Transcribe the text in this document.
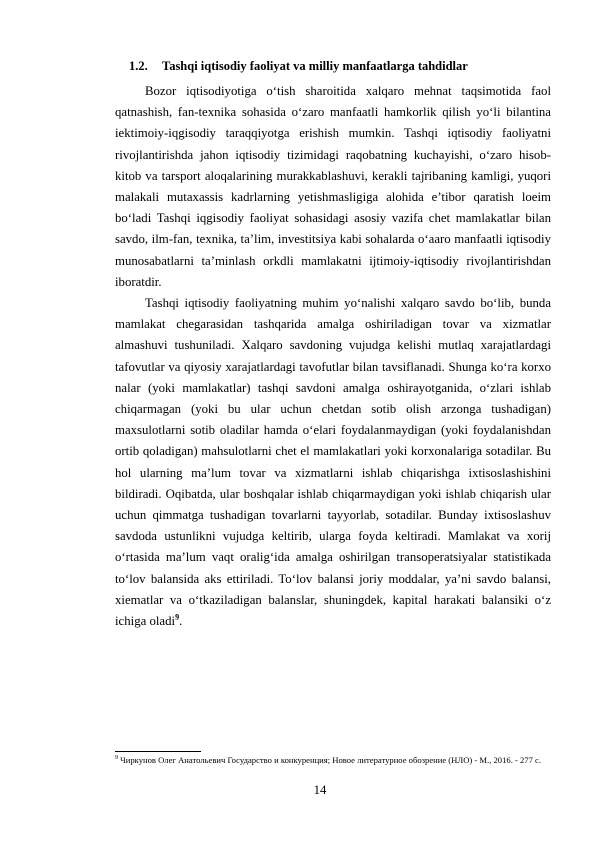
1.2. Tashqi iqtisodiy faoliyat va milliy manfaatlarga tahdidlar

Bozor iqtisodiyotiga o‘tish sharoitida xalqaro mehnat taqsimotida faol qatnashish, fan-texnika sohasida o‘zaro manfaatli hamkorlik qilish yo‘li bilantina iektimoiy-iqgisodiy taraqqiyotga erishish mumkin. Tashqi iqtisodiy faoliyatni rivojlantirishda jahon iqtisodiy tizimidagi raqobatning kuchayishi, o‘zaro hisob-kitob va tarsport aloqalarining murakkablashuvi, kerakli tajribaning kamligi, yuqori malakali mutaxassis kadrlarning yetishmasligiga alohida e’tibor qaratish loeim bo‘ladi Tashqi iqgisodiy faoliyat sohasidagi asosiy vazifa chet mamlakatlar bilan savdo, ilm-fan, texnika, ta’lim, investitsiya kabi sohalarda o‘aaro manfaatli iqtisodiy munosabatlarni ta’minlash orkdli mamlakatni ijtimoiy-iqtisodiy rivojlantirishdan iboratdir.

Tashqi iqtisodiy faoliyatning muhim yo‘nalishi xalqaro savdo bo‘lib, bunda mamlakat chegarasidan tashqarida amalga oshiriladigan tovar va xizmatlar almashuvi tushuniladi. Xalqaro savdoning vujudga kelishi mutlaq xarajatlardagi tafovutlar va qiyosiy xarajatlardagi tavofutlar bilan tavsiflanadi. Shunga ko‘ra korxo nalar (yoki mamlakatlar) tashqi savdoni amalga oshirayotganida, o‘zlari ishlab chiqarmagan (yoki bu ular uchun chetdan sotib olish arzonga tushadigan) maxsulotlarni sotib oladilar hamda o‘elari foydalanmaydigan (yoki foydalanishdan ortib qoladigan) mahsulotlarni chet el mamlakatlari yoki korxonalariga sotadilar. Bu hol ularning ma’lum tovar va xizmatlarni ishlab chiqarishga ixtisoslashishini bildiradi. Oqibatda, ular boshqalar ishlab chiqarmaydigan yoki ishlab chiqarish ular uchun qimmatga tushadigan tovarlarni tayyorlab, sotadilar. Bunday ixtisoslashuv savdoda ustunlikni vujudga keltirib, ularga foyda keltiradi. Mamlakat va xorij o‘rtasida ma’lum vaqt oralig‘ida amalga oshirilgan transoperatsiyalar statistikada to‘lov balansida aks ettiriladi. To‘lov balansi joriy moddalar, ya’ni savdo balansi, xiematlar va o‘tkaziladigan balanslar, shuningdek, kapital harakati balansiki o‘z ichiga oladi$^9$.

$^9$ Чиркунов Олег Анатольевич Государство и конкуренция; Новое литературное обозрение (НЛО) - М., 2016. - 277 c.
14
